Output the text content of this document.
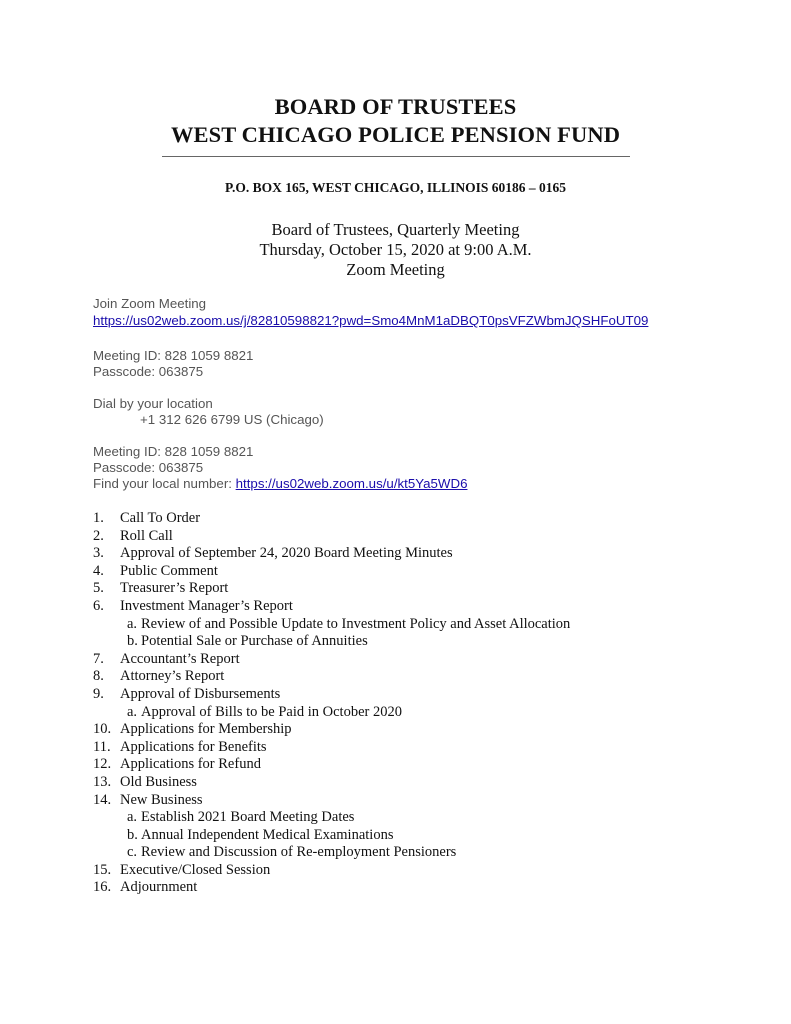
BOARD OF TRUSTEES
WEST CHICAGO POLICE PENSION FUND
P.O. BOX 165, WEST CHICAGO, ILLINOIS 60186 – 0165
Board of Trustees, Quarterly Meeting
Thursday, October 15, 2020 at 9:00 A.M.
Zoom Meeting
Join Zoom Meeting
https://us02web.zoom.us/j/82810598821?pwd=Smo4MnM1aDBQT0psVFZWbmJQSHFoUT09
Meeting ID: 828 1059 8821
Passcode: 063875
Dial by your location
+1 312 626 6799 US (Chicago)
Meeting ID: 828 1059 8821
Passcode: 063875
Find your local number: https://us02web.zoom.us/u/kt5Ya5WD6
1. Call To Order
2. Roll Call
3. Approval of September 24, 2020 Board Meeting Minutes
4. Public Comment
5. Treasurer’s Report
6. Investment Manager’s Report
a. Review of and Possible Update to Investment Policy and Asset Allocation
b. Potential Sale or Purchase of Annuities
7. Accountant’s Report
8. Attorney’s Report
9. Approval of Disbursements
a. Approval of Bills to be Paid in October 2020
10. Applications for Membership
11. Applications for Benefits
12. Applications for Refund
13. Old Business
14. New Business
a. Establish 2021 Board Meeting Dates
b. Annual Independent Medical Examinations
c. Review and Discussion of Re-employment Pensioners
15. Executive/Closed Session
16. Adjournment
